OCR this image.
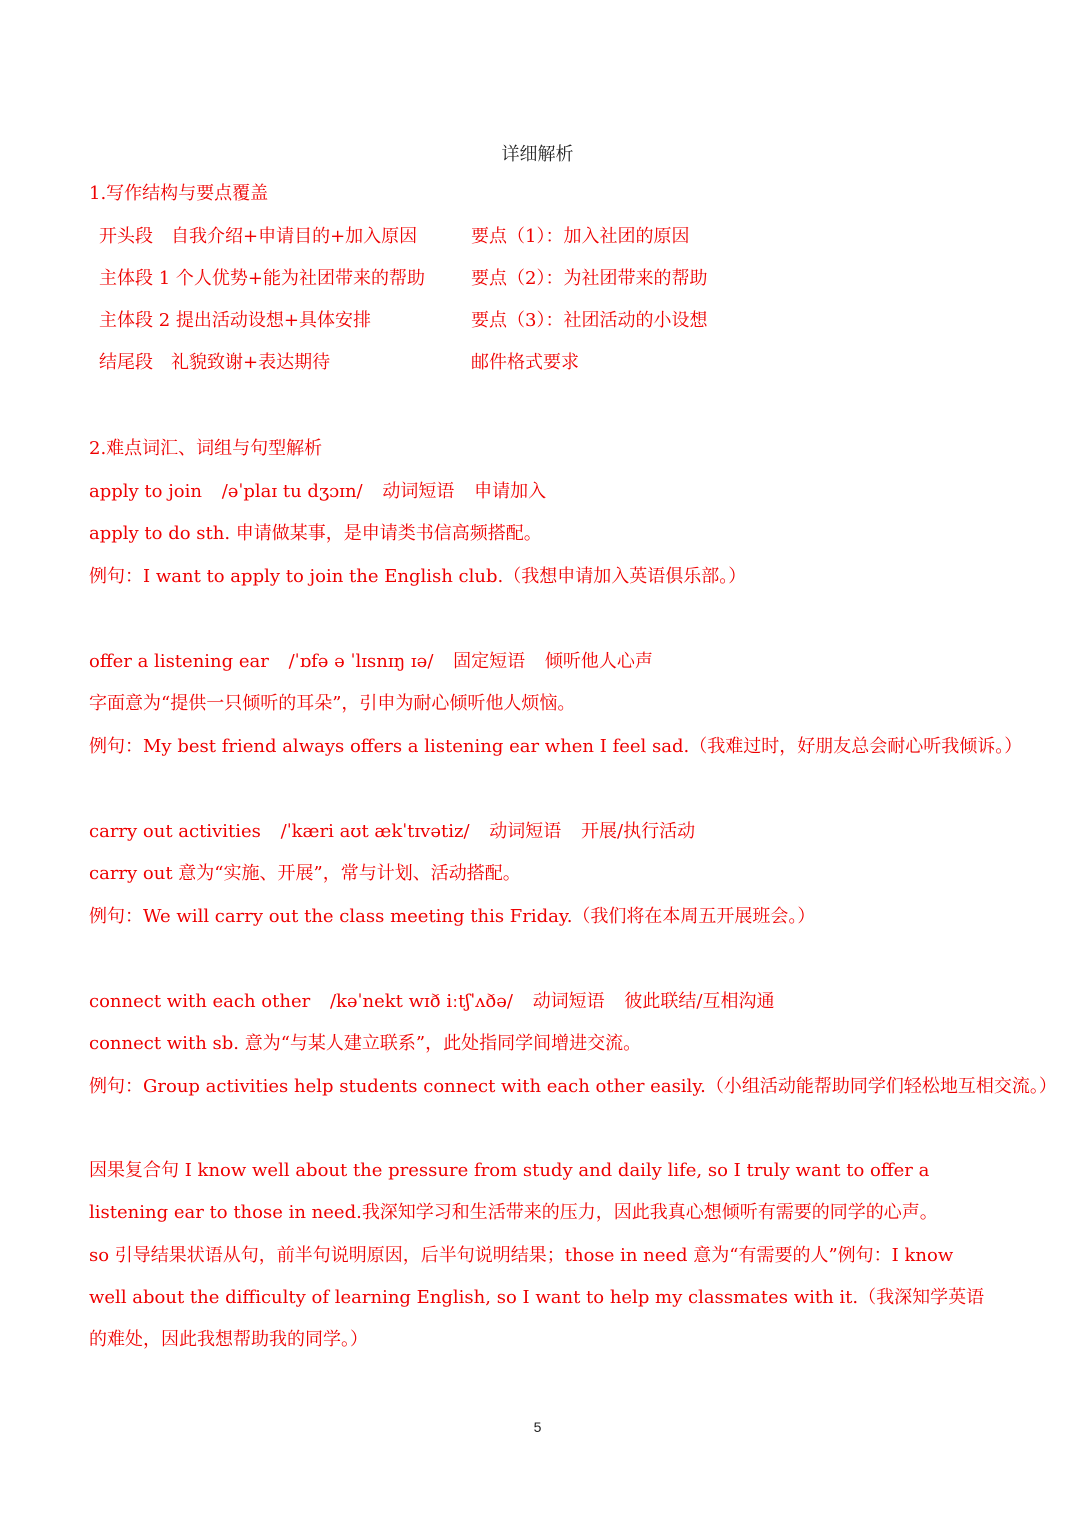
详细解析
1.写作结构与要点覆盖
开头段　自我介绍+申请目的+加入原因	要点（1）：加入社团的原因
主体段 1 个人优势+能为社团带来的帮助	要点（2）：为社团带来的帮助
主体段 2 提出活动设想+具体安排	要点（3）：社团活动的小设想
结尾段　礼貌致谢+表达期待	邮件格式要求
2.难点词汇、词组与句型解析
apply to join /əˈplaɪ tu dʒɔɪn/ 动词短语 申请加入
apply to do sth. 申请做某事，是申请类书信高频搭配。
例句：I want to apply to join the English club.（我想申请加入英语俱乐部。）
offer a listening ear /ˈɒfə ə ˈlɪsnɪŋ ɪə/ 固定短语 倾听他人心声
字面意为“提供一只倾听的耳朵”，引申为耐心倾听他人烦恼。
例句：My best friend always offers a listening ear when I feel sad.（我难过时，好朋友总会耐心听我倾诉。）
carry out activities /ˈkæri aʊt ækˈtɪvətiz/ 动词短语 开展/执行活动
carry out 意为“实施、开展”，常与计划、活动搭配。
例句：We will carry out the class meeting this Friday.（我们将在本周五开展班会。）
connect with each other /kəˈnekt wɪð iːtʃˈʌðə/ 动词短语 彼此联结/互相沟通
connect with sb. 意为“与某人建立联系”，此处指同学间增进交流。
例句：Group activities help students connect with each other easily.（小组活动能帮助同学们轻松地互相交流。）
因果复合句 I know well about the pressure from study and daily life, so I truly want to offer a listening ear to those in need.我深知学习和生活带来的压力，因此我真心想倾听有需要的同学的心声。
so 引导结果状语从句，前半句说明原因，后半句说明结果；those in need 意为“有需要的人”例句：I know well about the difficulty of learning English, so I want to help my classmates with it.（我深知学英语的难处，因此我想帮助我的同学。）
5
